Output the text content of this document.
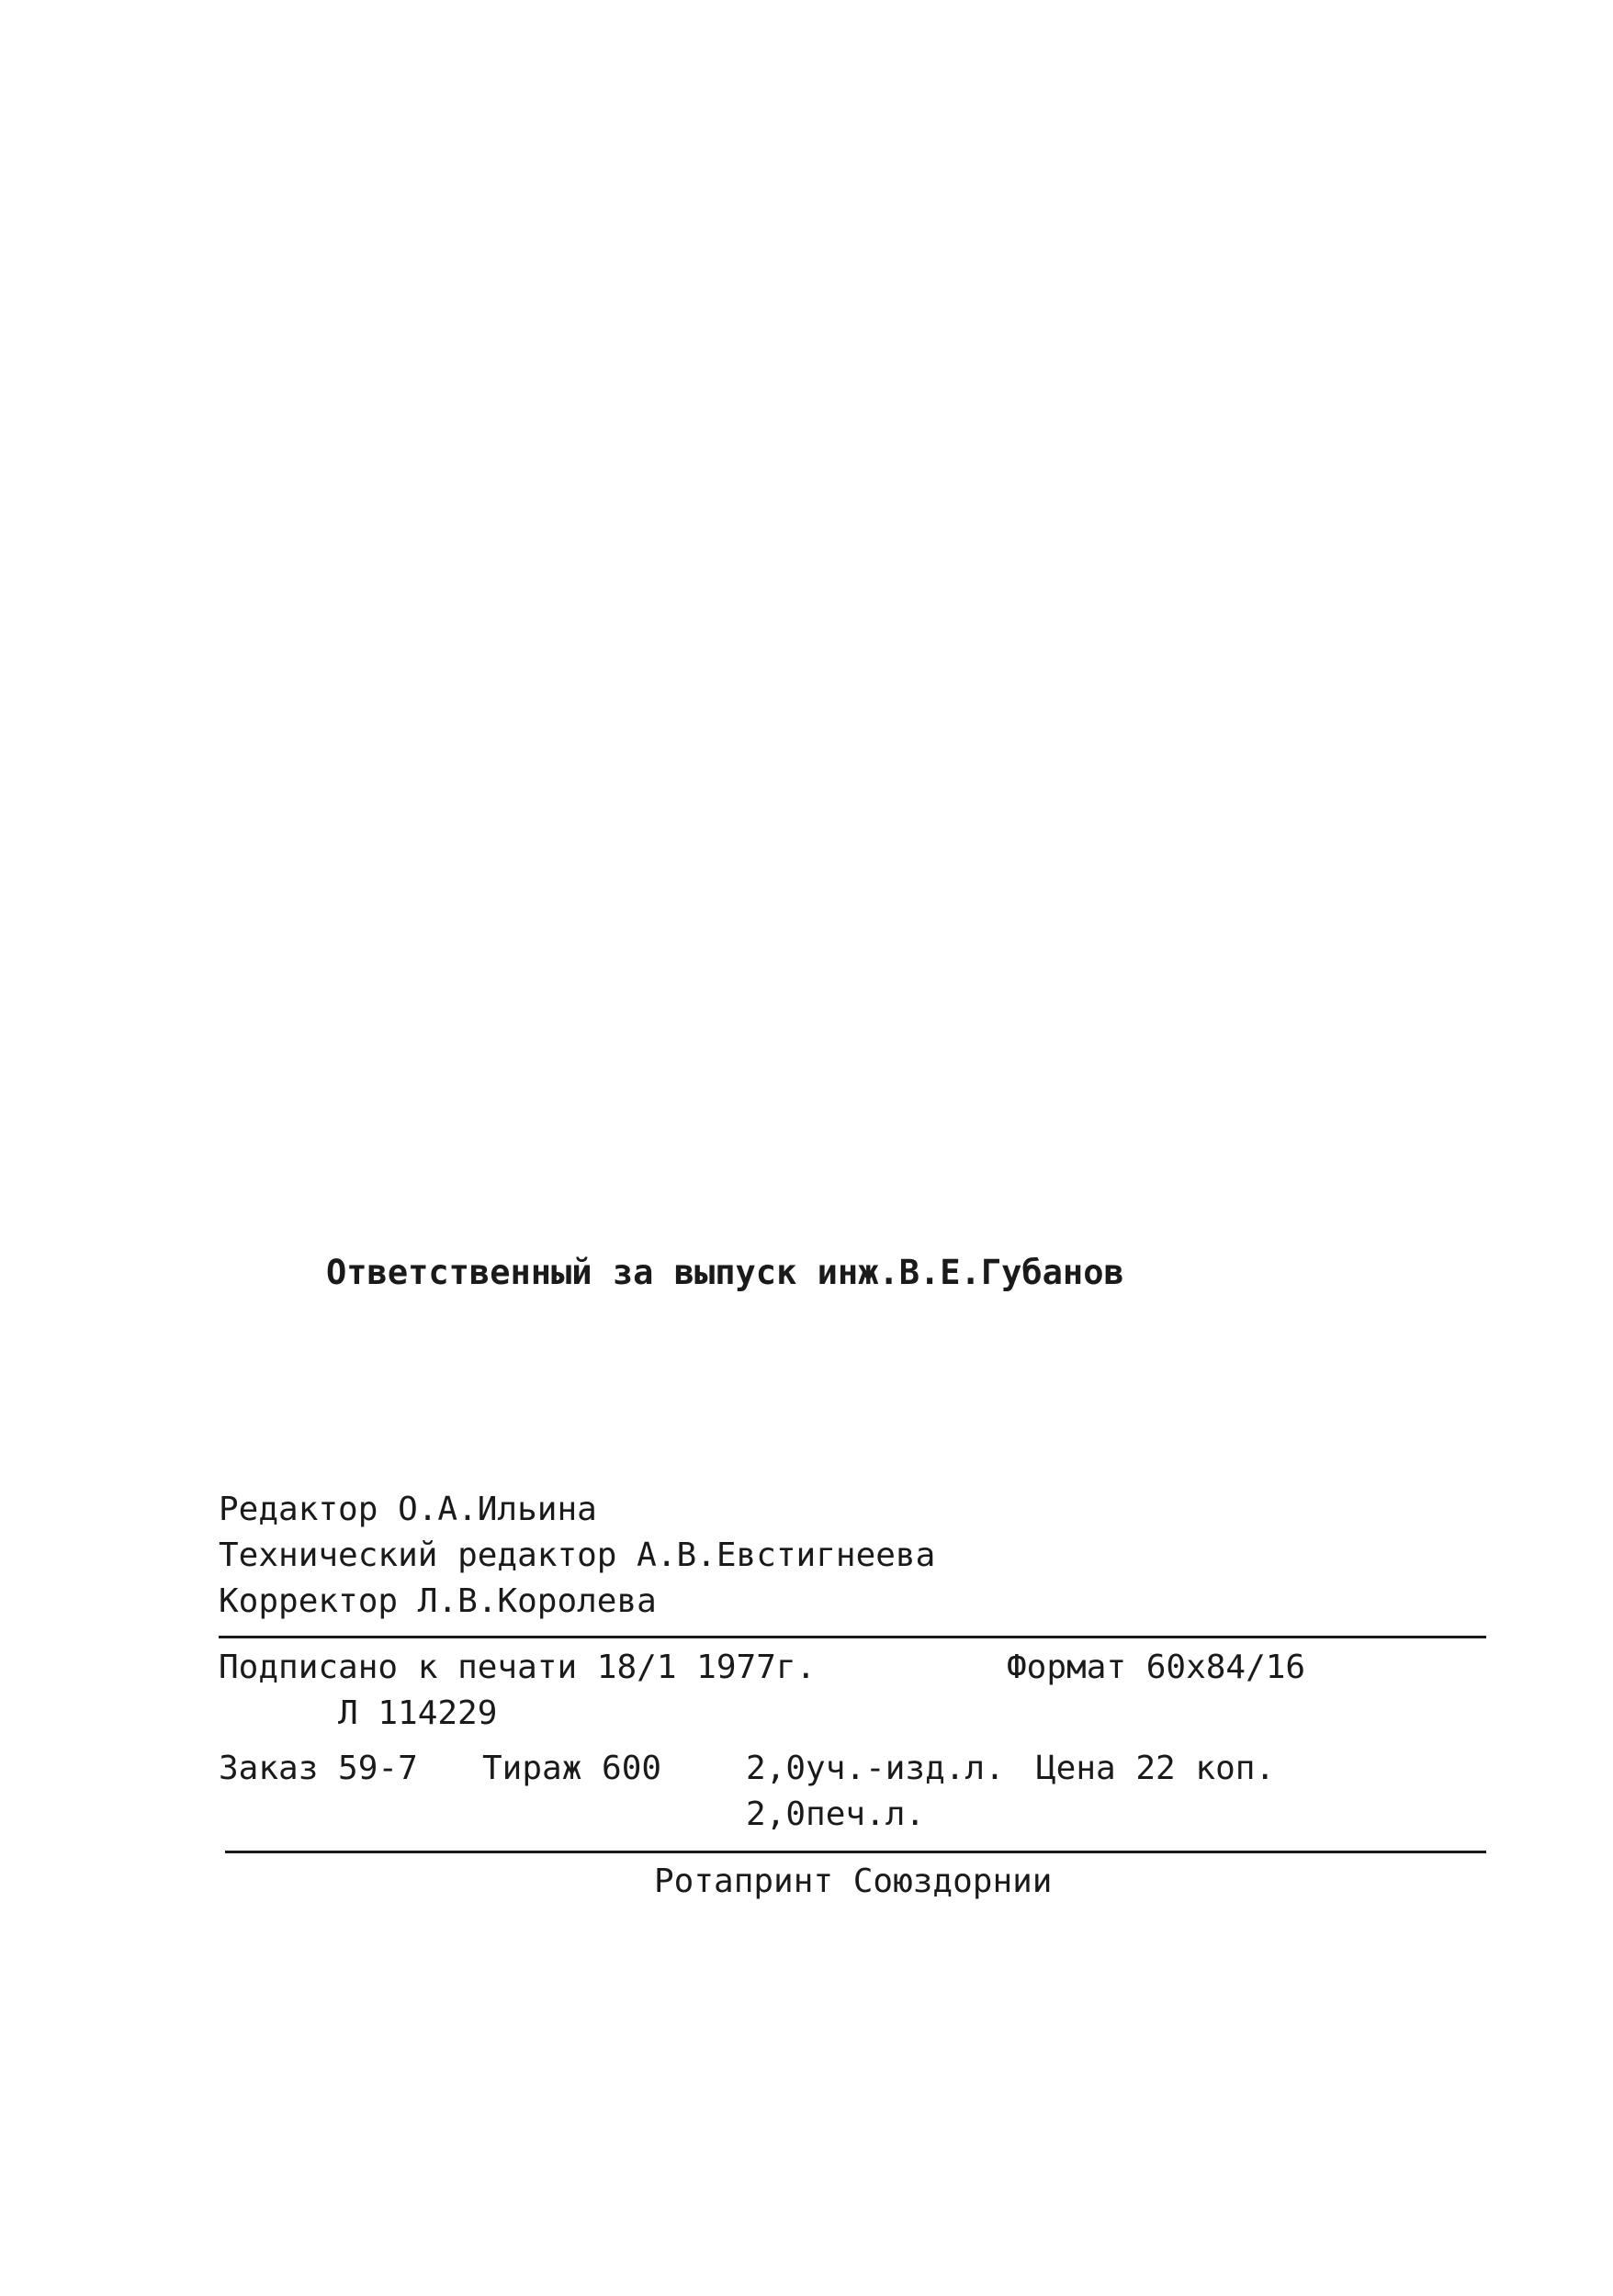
Ответственный за выпуск инж.В.Е.Губанов
Редактор О.А.Ильина
Технический редактор А.В.Евстигнеева
Корректор Л.В.Королева
Подписано к печати 18/1 1977г.	Формат 60х84/16
Л 114229
Заказ 59-7 Тираж 600	2,0уч.-изд.л. Цена 22 коп.
2,0печ.л.
Ротапринт Союздорнии
